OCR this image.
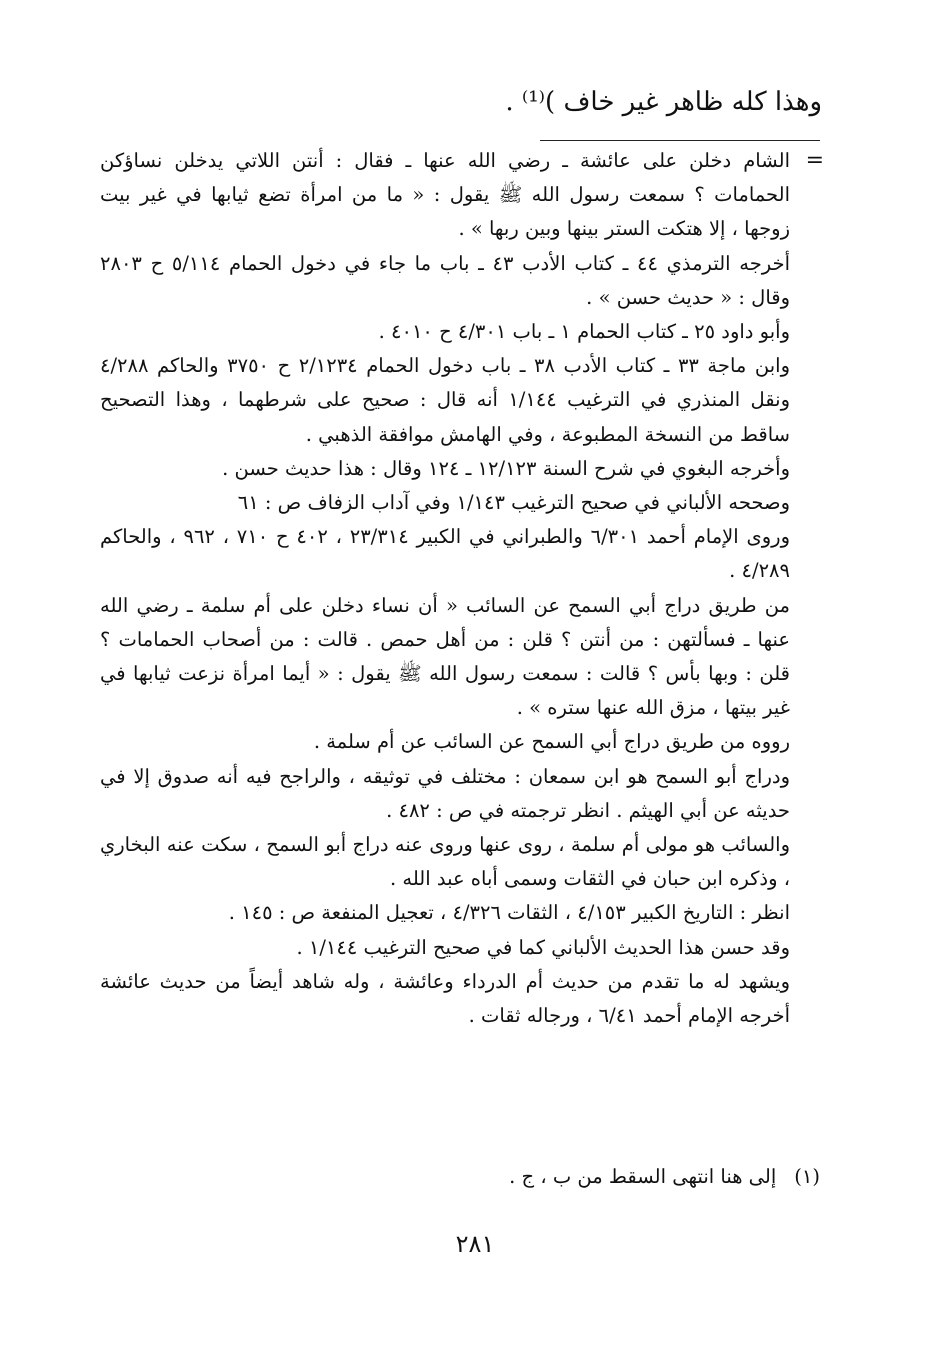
وهذا كله ظاهر غير خاف )⁽¹⁾ .
=

الشام دخلن على عائشة ـ رضي الله عنها ـ فقال : أنتن اللاتي يدخلن نساؤكن الحمامات ؟ سمعت رسول الله ﷺ يقول : « ما من امرأة تضع ثيابها في غير بيت زوجها ، إلا هتكت الستر بينها وبين ربها » .

أخرجه الترمذي ٤٤ ـ كتاب الأدب ٤٣ ـ باب ما جاء في دخول الحمام ٥/١١٤ ح ٢٨٠٣ وقال : « حديث حسن » .

وأبو داود ٢٥ ـ كتاب الحمام ١ ـ باب ٤/٣٠١ ح ٤٠١٠ .

وابن ماجة ٣٣ ـ كتاب الأدب ٣٨ ـ باب دخول الحمام ٢/١٢٣٤ ح ٣٧٥٠ والحاكم ٤/٢٨٨ ونقل المنذري في الترغيب ١/١٤٤ أنه قال : صحيح على شرطهما ، وهذا التصحيح ساقط من النسخة المطبوعة ، وفي الهامش موافقة الذهبي .

وأخرجه البغوي في شرح السنة ١٢/١٢٣ ـ ١٢٤ وقال : هذا حديث حسن .

وصححه الألباني في صحيح الترغيب ١/١٤٣ وفي آداب الزفاف ص : ٦١

وروى الإمام أحمد ٦/٣٠١ والطبراني في الكبير ٢٣/٣١٤ ، ٤٠٢ ح ٧١٠ ، ٩٦٢ ، والحاكم ٤/٢٨٩ .

من طريق دراج أبي السمح عن السائب « أن نساء دخلن على أم سلمة ـ رضي الله عنها ـ فسألتهن : من أنتن ؟ قلن : من أهل حمص . قالت : من أصحاب الحمامات ؟ قلن : وبها بأس ؟ قالت : سمعت رسول الله ﷺ يقول : « أيما امرأة نزعت ثيابها في غير بيتها ، مزق الله عنها ستره » .

رووه من طريق دراج أبي السمح عن السائب عن أم سلمة .

ودراج أبو السمح هو ابن سمعان : مختلف في توثيقه ، والراجح فيه أنه صدوق إلا في حديثه عن أبي الهيثم . انظر ترجمته في ص : ٤٨٢ .

والسائب هو مولى أم سلمة ، روى عنها وروى عنه دراج أبو السمح ، سكت عنه البخاري ، وذكره ابن حبان في الثقات وسمى أباه عبد الله .

انظر : التاريخ الكبير ٤/١٥٣ ، الثقات ٤/٣٢٦ ، تعجيل المنفعة ص : ١٤٥ .

وقد حسن هذا الحديث الألباني كما في صحيح الترغيب ١/١٤٤ .

ويشهد له ما تقدم من حديث أم الدرداء وعائشة ، وله شاهد أيضاً من حديث عائشة أخرجه الإمام أحمد ٦/٤١ ، ورجاله ثقات .

(١)إلى هنا انتهى السقط من ب ، ج .
٢٨١
